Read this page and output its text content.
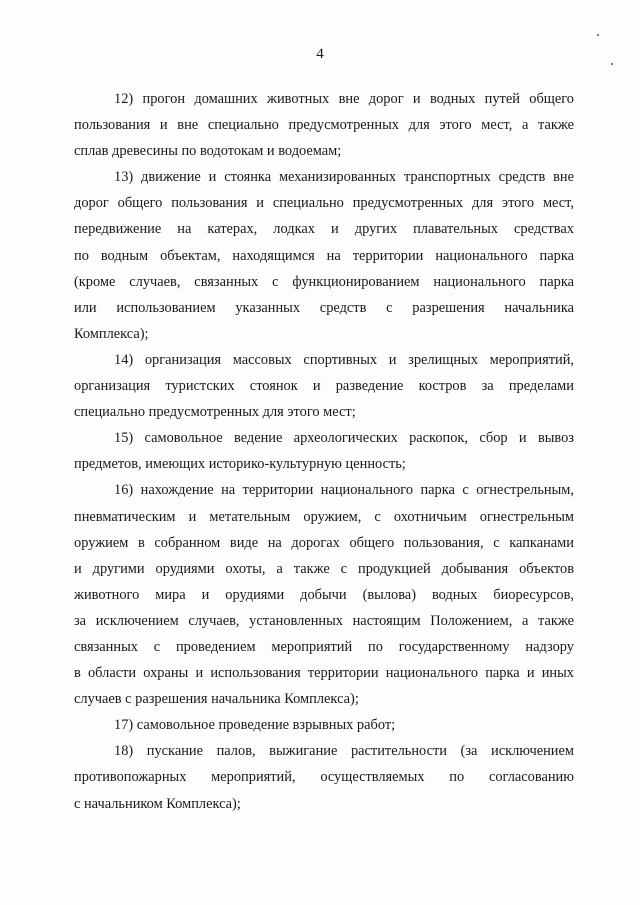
4
12) прогон домашних животных вне дорог и водных путей общего
пользования и вне специально предусмотренных для этого мест, а также
сплав древесины по водотокам и водоемам;
13) движение и стоянка механизированных транспортных средств вне
дорог общего пользования и специально предусмотренных для этого мест,
передвижение на катерах, лодках и других плавательных средствах
по водным объектам, находящимся на территории национального парка
(кроме случаев, связанных с функционированием национального парка
или использованием указанных средств с разрешения начальника
Комплекса);
14) организация массовых спортивных и зрелищных мероприятий,
организация туристских стоянок и разведение костров за пределами
специально предусмотренных для этого мест;
15) самовольное ведение археологических раскопок, сбор и вывоз
предметов, имеющих историко-культурную ценность;
16) нахождение на территории национального парка с огнестрельным,
пневматическим и метательным оружием, с охотничьим огнестрельным
оружием в собранном виде на дорогах общего пользования, с капканами
и другими орудиями охоты, а также с продукцией добывания объектов
животного мира и орудиями добычи (вылова) водных биоресурсов,
за исключением случаев, установленных настоящим Положением, а также
связанных с проведением мероприятий по государственному надзору
в области охраны и использования территории национального парка и иных
случаев с разрешения начальника Комплекса);
17) самовольное проведение взрывных работ;
18) пускание палов, выжигание растительности (за исключением
противопожарных мероприятий, осуществляемых по согласованию
с начальником Комплекса);
